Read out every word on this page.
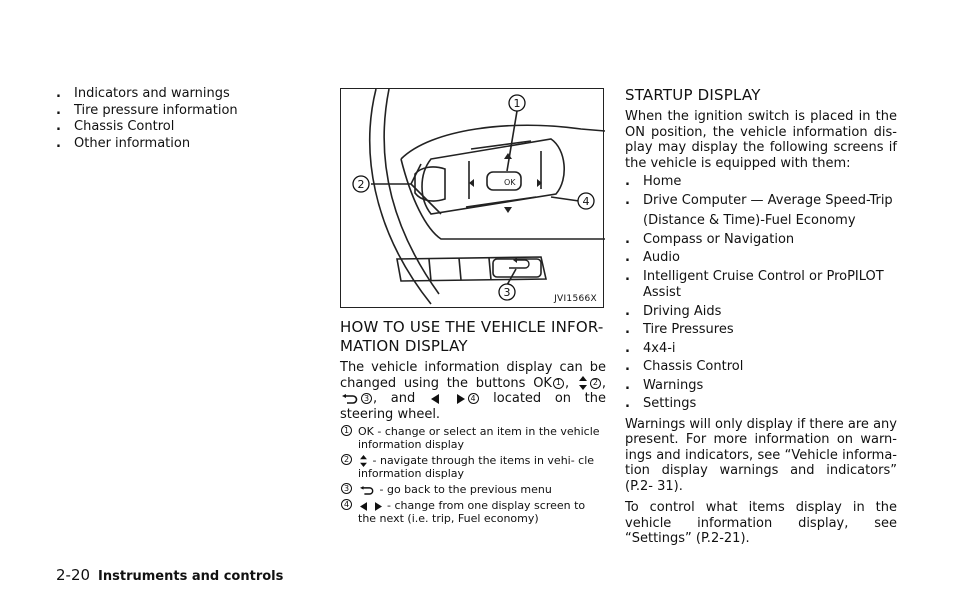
. Indicators and warnings
. Tire pressure information
. Chassis Control
. Other information
OK
1
2
3
4
JVI1566X

HOW TO USE THE VEHICLE INFOR-
MATION DISPLAY

The vehicle information display can be changed using the buttons OK 1 ,	2 , 3 , and	4 located on the steering wheel.

1 OK - change or select an item in the vehicle information display
2 - navigate through the items in vehi- cle information display
3	- go back to the previous menu
4	- change from one display screen to the next (i.e. trip, Fuel economy)

STARTUP DISPLAY

When the ignition switch is placed in the ON position, the vehicle information dis- play may display the following screens if the vehicle is equipped with them:

. Home
. Drive Computer — Average Speed-Trip
(Distance & Time)-Fuel Economy
. Compass or Navigation
. Audio
. Intelligent Cruise Control or ProPILOT Assist
. Driving Aids
. Tire Pressures
. 4x4-i
. Chassis Control
. Warnings
. Settings

Warnings will only display if there are any present. For more information on warn- ings and indicators, see “Vehicle informa- tion display warnings and indicators” (P.2- 31).

To control what items display in the vehicle information display, see “Settings” (P.2-21).

2-20 Instruments and controls
